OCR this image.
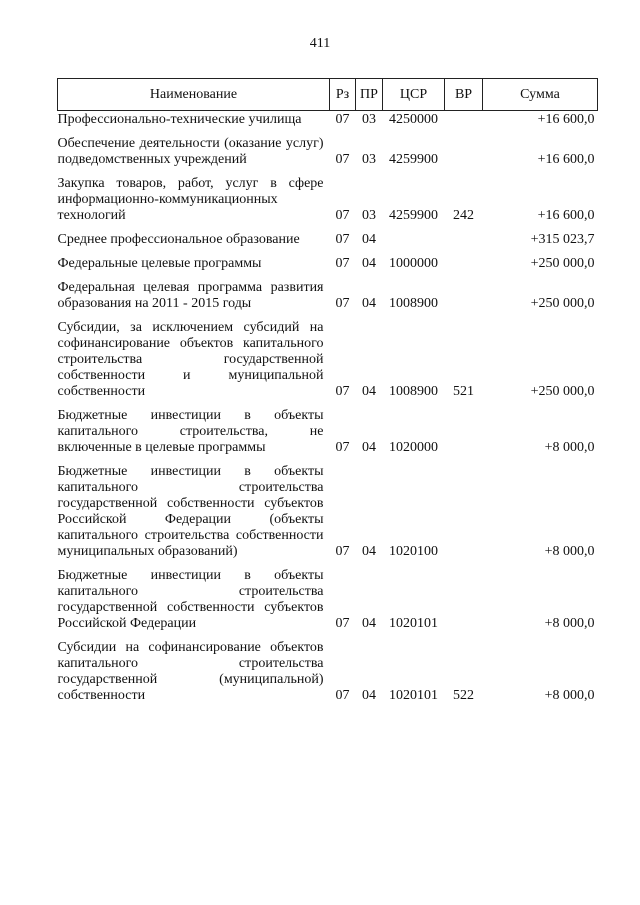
411
Наименование	Рз	ПР	ЦСР	ВР	Сумма
Профессионально-технические училища	07	03	4250000		+16 600,0
Обеспечение деятельности (оказание услуг) подведомственных учреждений	07	03	4259900		+16 600,0
Закупка товаров, работ, услуг в сфере информационно-коммуникационных технологий	07	03	4259900	242	+16 600,0
Среднее профессиональное образование	07	04			+315 023,7
Федеральные целевые программы	07	04	1000000		+250 000,0
Федеральная целевая программа развития образования на 2011 - 2015 годы	07	04	1008900		+250 000,0
Субсидии, за исключением субсидий на софинансирование объектов капитального строительства государственной собственности и муниципальной собственности	07	04	1008900	521	+250 000,0
Бюджетные инвестиции в объекты капитального строительства, не включенные в целевые программы	07	04	1020000		+8 000,0
Бюджетные инвестиции в объекты капитального строительства государственной собственности субъектов Российской Федерации (объекты капитального строительства собственности муниципальных образований)	07	04	1020100		+8 000,0
Бюджетные инвестиции в объекты капитального строительства государственной собственности субъектов Российской Федерации	07	04	1020101		+8 000,0
Субсидии на софинансирование объектов капитального строительства государственной (муниципальной) собственности	07	04	1020101	522	+8 000,0
